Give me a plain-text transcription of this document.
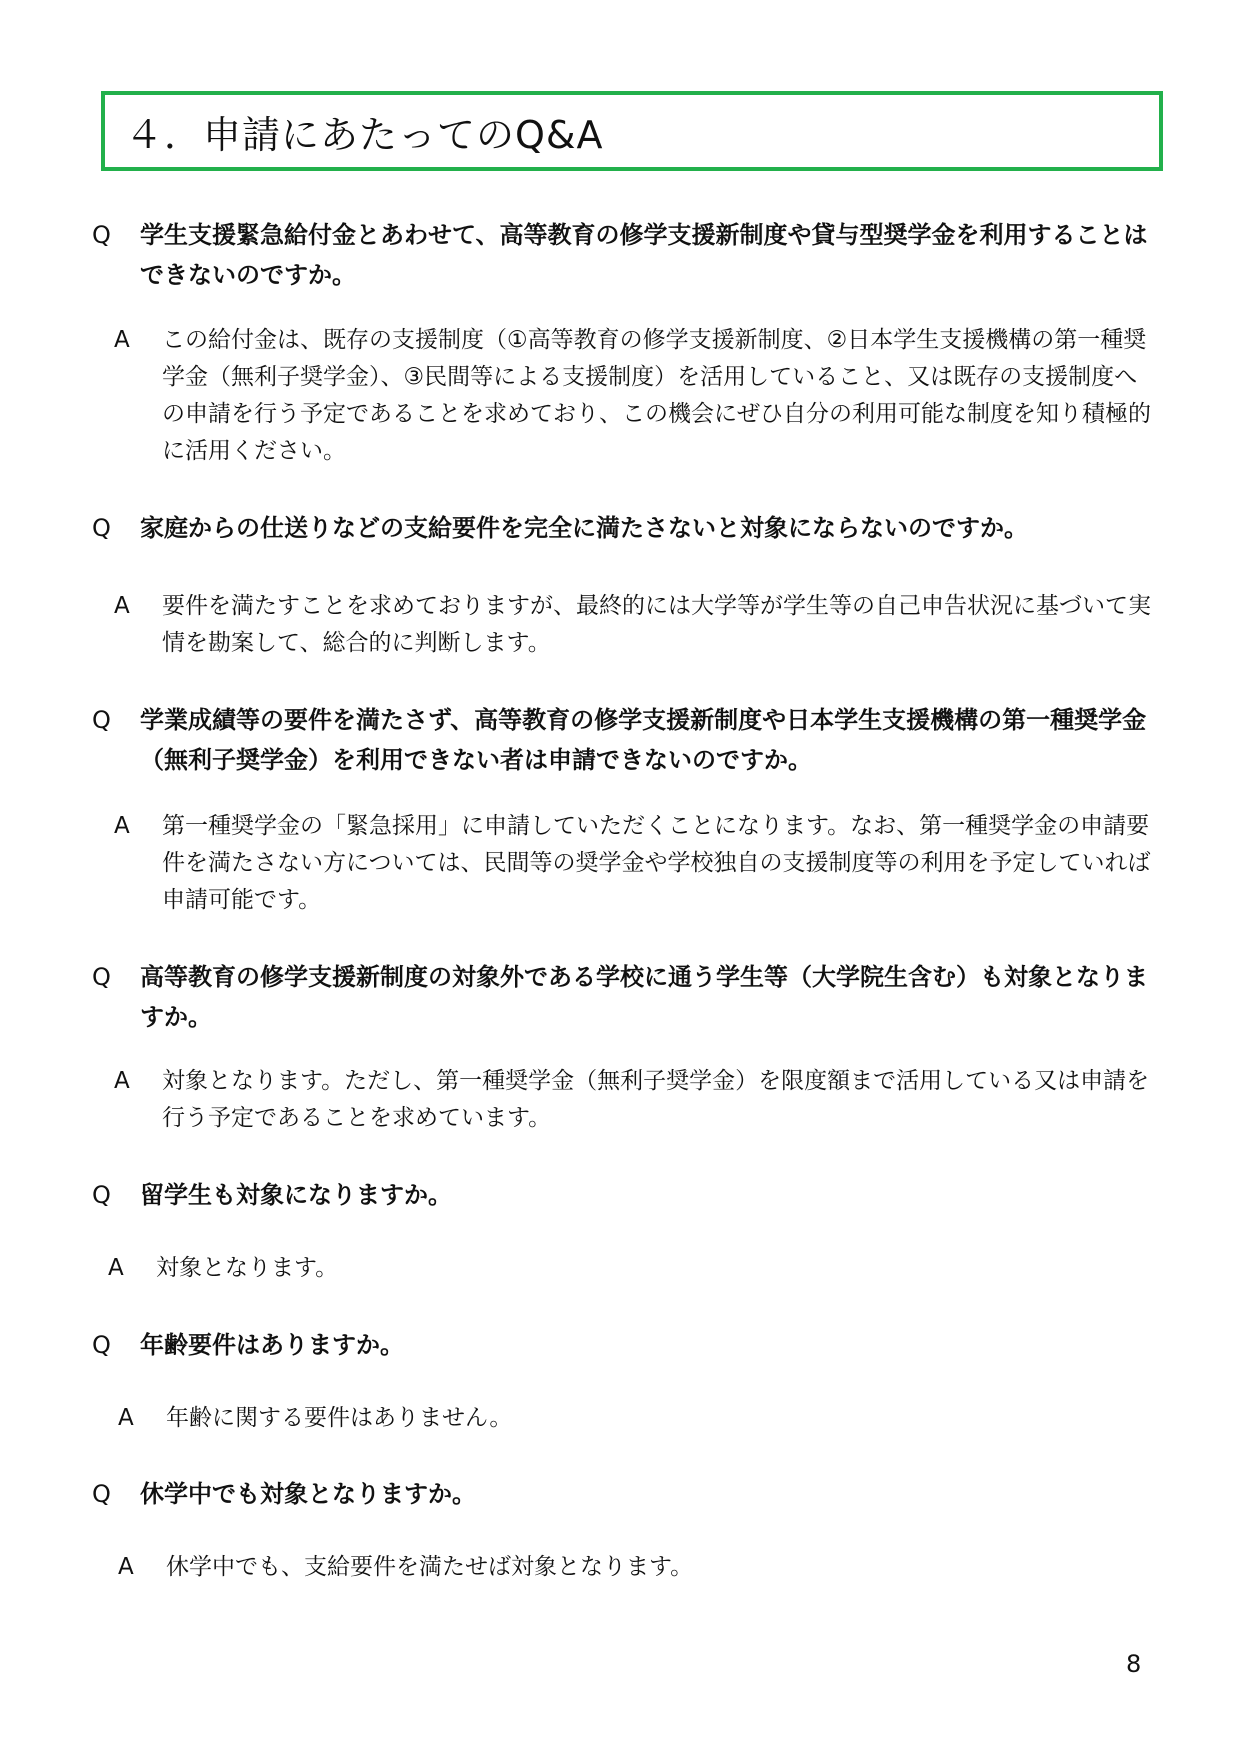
４．申請にあたってのQ&A
Q	学生支援緊急給付金とあわせて、高等教育の修学支援新制度や貸与型奨学金を利用することはできないのですか。
A	この給付金は、既存の支援制度（①高等教育の修学支援新制度、②日本学生支援機構の第一種奨学金（無利子奨学金）、③民間等による支援制度）を活用していること、又は既存の支援制度への申請を行う予定であることを求めており、この機会にぜひ自分の利用可能な制度を知り積極的に活用ください。
Q	家庭からの仕送りなどの支給要件を完全に満たさないと対象にならないのですか。
A	要件を満たすことを求めておりますが、最終的には大学等が学生等の自己申告状況に基づいて実情を勘案して、総合的に判断します。
Q	学業成績等の要件を満たさず、高等教育の修学支援新制度や日本学生支援機構の第一種奨学金（無利子奨学金）を利用できない者は申請できないのですか。
A	第一種奨学金の「緊急採用」に申請していただくことになります。なお、第一種奨学金の申請要件を満たさない方については、民間等の奨学金や学校独自の支援制度等の利用を予定していれば申請可能です。
Q	高等教育の修学支援新制度の対象外である学校に通う学生等（大学院生含む）も対象となりますか。
A	対象となります。ただし、第一種奨学金（無利子奨学金）を限度額まで活用している又は申請を行う予定であることを求めています。
Q	留学生も対象になりますか。
A	対象となります。
Q	年齢要件はありますか。
A	年齢に関する要件はありません。
Q	休学中でも対象となりますか。
A	休学中でも、支給要件を満たせば対象となります。
8
